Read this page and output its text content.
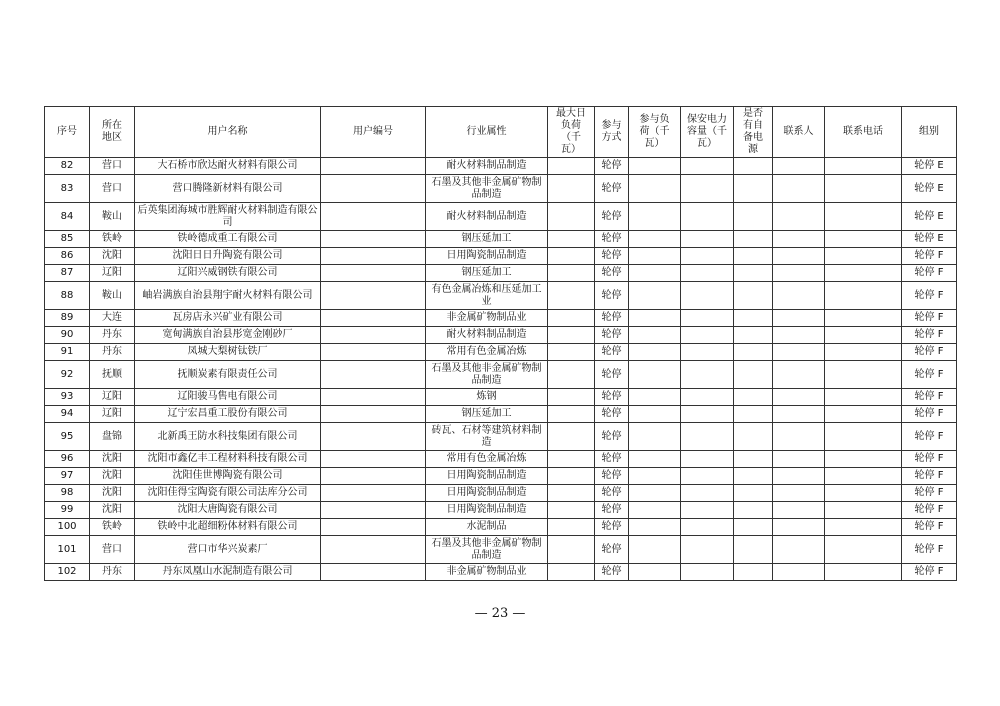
序号	所在地区	用户名称	用户编号	行业属性	最大日负荷（千瓦）	参与方式	参与负荷（千瓦）	保安电力容量（千瓦）	是否有自备电源	联系人	联系电话	组别
82	营口	大石桥市欣达耐火材料有限公司		耐火材料制品制造		轮停						轮停 E
83	营口	营口腾隆新材料有限公司		石墨及其他非金属矿物制品制造		轮停						轮停 E
84	鞍山	后英集团海城市胜辉耐火材料制造有限公司		耐火材料制品制造		轮停						轮停 E
85	铁岭	铁岭德成重工有限公司		钢压延加工		轮停						轮停 E
86	沈阳	沈阳日日升陶瓷有限公司		日用陶瓷制品制造		轮停						轮停 F
87	辽阳	辽阳兴威钢铁有限公司		钢压延加工		轮停						轮停 F
88	鞍山	岫岩满族自治县翔宇耐火材料有限公司		有色金属冶炼和压延加工业		轮停						轮停 F
89	大连	瓦房店永兴矿业有限公司		非金属矿物制品业		轮停						轮停 F
90	丹东	宽甸满族自治县彤宽金刚砂厂		耐火材料制品制造		轮停						轮停 F
91	丹东	凤城大梨树钛铁厂		常用有色金属冶炼		轮停						轮停 F
92	抚顺	抚顺炭素有限责任公司		石墨及其他非金属矿物制品制造		轮停						轮停 F
93	辽阳	辽阳骏马售电有限公司		炼钢		轮停						轮停 F
94	辽阳	辽宁宏昌重工股份有限公司		钢压延加工		轮停						轮停 F
95	盘锦	北新禹王防水科技集团有限公司		砖瓦、石材等建筑材料制造		轮停						轮停 F
96	沈阳	沈阳市鑫亿丰工程材料科技有限公司		常用有色金属冶炼		轮停						轮停 F
97	沈阳	沈阳佳世博陶瓷有限公司		日用陶瓷制品制造		轮停						轮停 F
98	沈阳	沈阳佳得宝陶瓷有限公司法库分公司		日用陶瓷制品制造		轮停						轮停 F
99	沈阳	沈阳大唐陶瓷有限公司		日用陶瓷制品制造		轮停						轮停 F
100	铁岭	铁岭中北超细粉体材料有限公司		水泥制品		轮停						轮停 F
101	营口	营口市华兴炭素厂		石墨及其他非金属矿物制品制造		轮停						轮停 F
102	丹东	丹东凤凰山水泥制造有限公司		非金属矿物制品业		轮停						轮停 F
— 23 —
